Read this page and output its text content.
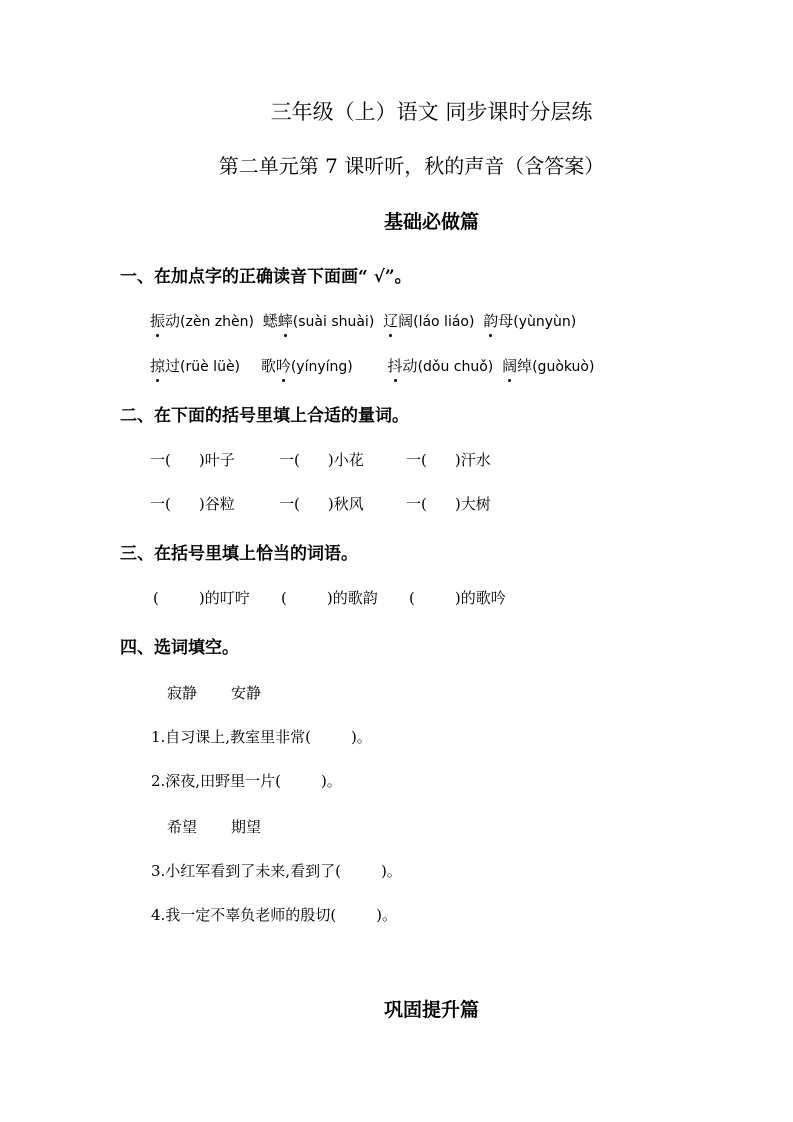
三年级（上）语文 同步课时分层练
第二单元第 7 课听听，秋的声音（含答案）
基础必做篇
一、在加点字的正确读音下面画“ √”。
振动(zèn zhèn) 蟋蟀(suài shuài) 辽阔(láo liáo) 韵母(yùnyùn)
掠过(rüè lüè) 歌吟(yínyíng) 抖动(dǒu chuǒ) 阔绰(guòkuò)
二、在下面的括号里填上合适的量词。
一( )叶子	一( )小花	一( )汗水
一( )谷粒	一( )秋风	一( )大树
三、在括号里填上恰当的词语。
(	)的叮咛 (	)的歌韵 (	)的歌吟
四、选词填空。
寂静 安静
1.自习课上,教室里非常(	)。
2.深夜,田野里一片(	)。
希望 期望
3.小红军看到了未来,看到了(	)。
4.我一定不辜负老师的殷切(	)。
巩固提升篇
